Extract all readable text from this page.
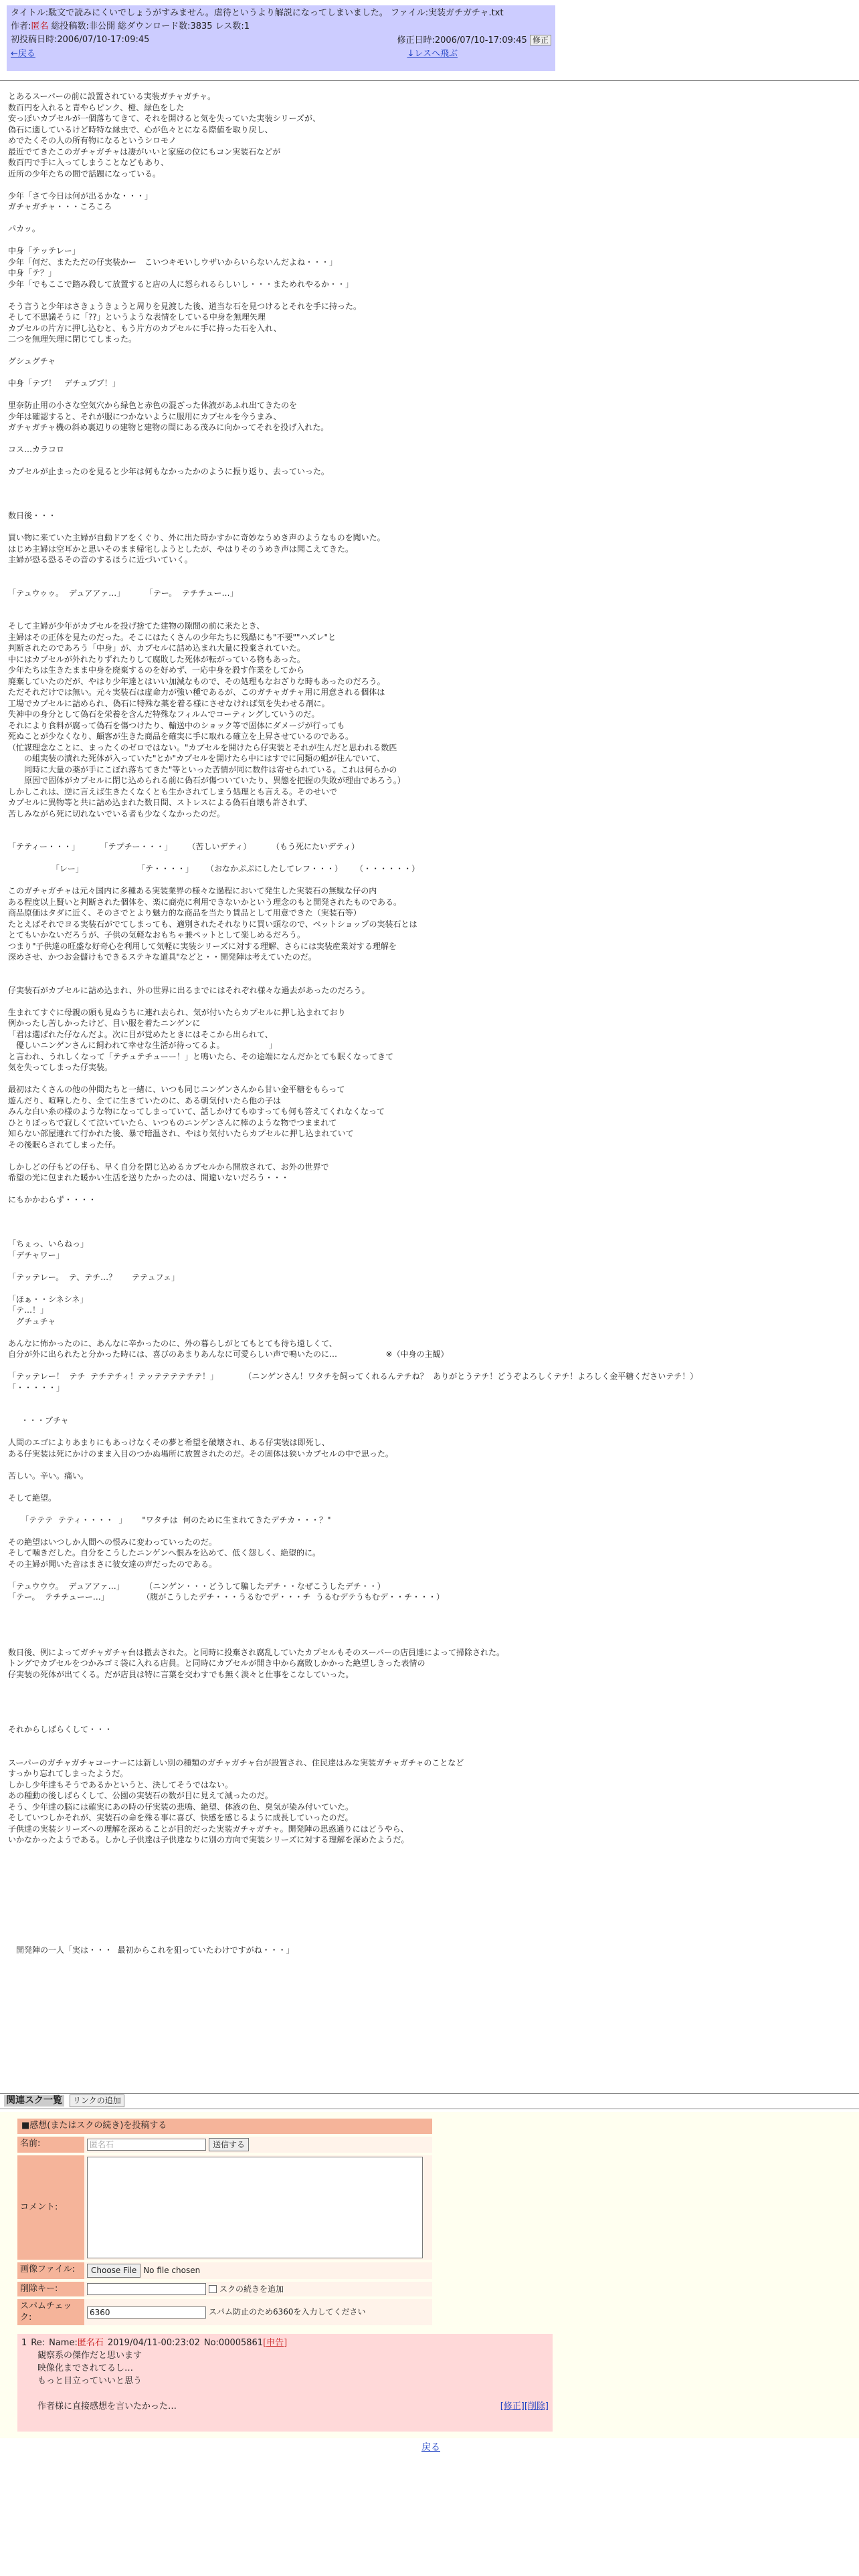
タイトル:駄文で読みにくいでしょうがすみません。虐待というより解説になってしまいました。 ファイル:実装ガチガチャ.txt
作者:匿名 総投稿数:非公開 総ダウンロード数:3835 レス数:1
初投稿日時:2006/07/10-17:09:45	修正日時:2006/07/10-17:09:45 修正
←戻る	↓レスへ飛ぶ

とあるスーパーの前に設置されている実装ガチャガチャ。

数百円を入れると青やらピンク、橙、緑色をした

安っぽいカプセルが一個落ちてきて、それを開けると気を失っていた実装シリーズが、

偽石に適しているけど時特な縁虫で、心が色々とになる際値を取り戻し、

めでたくその人の所有物になるというシロモノ

最近でてきたこのガチャガチャは凄がいいと家庭の位にもコン実装石などが

数百円で手に入ってしまうことなどもあり、

近所の少年たちの間で話題になっている。

少年「さて今日は何が出るかな・・・」

ガチャガチャ・・・ころころ

パカッ。

中身「テッテレー」

少年「何だ、またただの仔実装かー　こいつキモいしウザいからいらないんだよね・・・」

中身「テ？」

少年「でもここで踏み殺して放置すると店の人に怒られるらしいし・・・まためれやるか・・」

そう言うと少年はさきょうきょうと周りを見渡した後、道当な石を見つけるとそれを手に持った。

そして不思議そうに「??」というような表情をしている中身を無理矢理

カプセルの片方に押し込むと、もう片方のカプセルに手に持った石を入れ、

二つを無理矢理に閉じてしまった。

グシュグチャ

中身「テブ！　デチュブブ！」

里奈防止用の小さな空気穴から緑色と赤色の混ざった体液があふれ出てきたのを

少年は確認すると、それが服につかないように服用にカプセルを今うまみ、

ガチャガチャ機の斜め裏辺りの建物と建物の間にある茂みに向かってそれを投げ入れた。

コス…カラコロ

カプセルが止まったのを見ると少年は何もなかったかのように振り返り、去っていった。

数日後・・・

買い物に来ていた主婦が自動ドアをくぐり、外に出た時かすかに奇妙なうめき声のようなものを聞いた。

はじめ主婦は空耳かと思いそのまま帰宅しようとしたが、やはりそのうめき声は聞こえてきた。

主婦が恐る恐るその音のするほうに近づいていく。

「テュウゥゥ。  デュアアァ…」        「テー。  テチチュー…」

そして主婦が少年がカプセルを投げ捨てた建物の隙間の前に来たとき、

主婦はその正体を見たのだった。そこにはたくさんの少年たちに残酷にも"不要""ハズレ"と

判断されたのであろう「中身」が、カプセルに詰め込まれ大量に投棄されていた。

中にはカプセルが外れたりずれたりして腐敗した死体が転がっている物もあった。

少年たちは生きたまま中身を廃棄するのを好めず、一応中身を殺す作業をしてから

廃棄していたのだが、やはり少年達とはいい加減なもので、その処理もなおざりな時もあったのだろう。

ただそれだけでは無い。元々実装石は虚命力が強い種であるが、このガチャガチャ用に用意される個体は

工場でカプセルに詰められ、偽石に特殊な薬を着る様にさせなければ気を失わせる剤に。

失神中の身分として偽石を栄養を含んだ特殊なフィルムでコーティングしていうのだ。

それにより食料が腐って偽石を傷つけたり、輸送中のショック等で固体にダメージが行っても

死ぬことが少なくなり、顧客が生きた商品を確実に手に取れる確立を上昇させているのである。

（忙謀理念なことに、まったくのゼロではない。"カプセルを開けたら仔実装とそれが生んだと思われる数匹

　　の蛆実装の漬れた死体が入っていた"とか"カプセルを開けたら中にはすでに同類の蛆が住んでいて、

　　同時に大量の薬が手にこぼれ落ちてきた"等といった苦情が同に数件は寄せられている。これは何らかの

　　原因で固体がカプセルに閉じ込められる前に偽石が傷ついていたり、異態を把握の失敗が理由であろう。）

しかしこれは、逆に言えば生きたくなくとも生かされてしまう処理とも言える。そのせいで

カプセルに異物等と共に詰め込まれた数日間、ストレスによる偽石自壊も許されず、

苦しみながら死に切れないでいる者も少なくなかったのだ。

「テティー・・・」        「テプチー・・・」      （苦しいデティ）        （もう死にたいデティ）

「レー」                     「テ・・・・」     （おなかぷぷにしたしてレフ・・・）     （・・・・・・）

このガチャガチャは元々国内に多種ある実装業界の様々な過程において発生した実装石の無駄な仔の内

ある程度以上賢いと判断された個体を、楽に商売に利用できないかという理念のもと開発されたものである。

商品原価はタダに近く、そのさでとより魅力的な商品を当たり賃品として用意できた（実装石等）

たとえばそれでヨる実装石がでてしまっても、適別されたそれなりに買い頭なので、ペットショップの実装石とは

とてもいかないだろうが、子供の気軽なおもちゃ兼ペットとして楽しめるだろう。

つまり"子供達の旺盛な好奇心を利用して気軽に実装シリーズに対する理解、さらには実装産業対する理解を

深めさせ、かつお金儲けもできるステキな道具"などと・・開発陣は考えていたのだ。

仔実装石がカプセルに詰め込まれ、外の世界に出るまでにはそれぞれ様々な過去があったのだろう。

生まれてすぐに母親の頭も見ぬうちに連れ去られ、気が付いたらカプセルに押し込まれており

例かったし苦しかったけど、目い服を着たニンゲンに

「君は選ばれた仔なんだよ。次に目が覚めたときにはそこから出られて、

　優しいニンゲンさんに飼われて幸せな生活が待ってるよ。　　　　　　」

と言われ、うれしくなって「テチュテチューー！」と鳴いたら、その途端になんだかとても眠くなってきて

気を失ってしまった仔実装。

最初はたくさんの他の仲間たちと一緒に、いつも同じニンゲンさんから甘い金平糖をもらって

遊んだり、喧嘩したり、全てに生きていたのに、ある朝気付いたら他の子は

みんな白い糸の様のような物になってしまっていて、話しかけてもゆすっても何も答えてくれなくなって

ひとりぼっちで寂しくて泣いていたら、いつものニンゲンさんに棒のような物でつままれて

知らない部屋連れて行かれた後、暴で暗温され、やはり気付いたらカプセルに押し込まれていて

その後眠らされてしまった仔。

しかしどの仔もどの仔も、早く自分を閉じ込めるカプセルから開放されて、お外の世界で

希望の光に包まれた暖かい生活を送りたかったのは、間違いないだろう・・・

にもかかわらず・・・・

「ちぇっ、いらねっ」

「デチャワー」

「テッテレー。  テ、テチ…？      テテュフェ」

「ほぁ・・シネシネ」

「テ…！」

　グチュチャ

あんなに怖かったのに、あんなに辛かったのに、外の暮らしがとてもとても待ち遠しくて、

自分が外に出られたと分かった時には、喜びのあまりあんなに可愛らしい声で鳴いたのに…                   ※（中身の主観）

「テッテレー！  テチ  テチテチィ！テッテテテテチテ！」          （ニンゲンさん！ワタチを飼ってくれるんテチね？  ありがとうテチ！どうぞよろしくテチ！よろしく金平糖くださいテチ！）

「・・・・・」

・・・ブチャ

人間のエゴによりあまりにもあっけなくその夢と希望を破壊され、ある仔実装は即死し、

ある仔実装は死にかけのまま入目のつかぬ場所に放置されたのだ。その固体は狭いカプセルの中で思った。

苦しい。辛い。痛い。

そして絶望。

「テテテ  テティ・・・・  」      "ワタチは  何のために生まれてきたデチカ・・・？"

その絶望はいつしか人間への恨みに変わっていったのだ。

そして噛きだした。自分をこうしたニンゲンへ恨みを込めて、低く怨しく、絶望的に。

その主婦が聞いた音はまさに彼女達の声だったのである。

「テュウウウ。  デュアアァ…」        （ニンゲン・・・どうして騙したデチ・・なぜこうしたデチ・・）

「テー。  テチチューー…」             （腹がこうしたデチ・・・うるむでデ・・・チ  うるむデテうもむデ・・チ・・・）

数日後、例によってガチャガチャ台は撤去された。と同時に投棄され腐乱していたカプセルもそのスーパーの店員達によって掃除された。

トングでカプセルをつかみゴミ袋に入れる店員。と同時にカプセルが開き中から腐敗しかかった絶望しきった表情の

仔実装の死体が出てくる。だが店員は特に言葉を交わすでも無く淡々と仕事をこなしていった。

それからしばらくして・・・

スーパーのガチャガチャコーナーには新しい別の種類のガチャガチャ台が設置され、住民達はみな実装ガチャガチャのことなど

すっかり忘れてしまったようだ。

しかし少年達もそうであるかというと、決してそうではない。

あの種動の後しばらくして、公園の実装石の数が目に見えて減ったのだ。

そう、少年達の脳には確実にあの時の仔実装の悲鳴、絶望、体液の色、臭気が染み付いていた。

そしていつしかそれが、実装石の命を殊る事に喜び、快感を感じるように成長していったのだ。

子供達の実装シリーズへの理解を深めることが目的だった実装ガチャガチャ。開発陣の思惑通りにはどうやら、

いかなかったようである。しかし子供達は子供達なりに別の方向で実装シリーズに対する理解を深めたようだ。

　開発陣の一人「実は・・・  最初からこれを狙っていたわけですがね・・・」

関連スク一覧	リンクの追加
■感想(またはスクの続き)を投稿する
名前:	匿名石	送信する
コメント:
画像ファイル:	Choose File No file chosen
削除キー:	スクの続きを追加
スパムチェック:	6360	スパム防止のため6360を入力してください
1 Re: Name: 匿名石 2019/04/11-00:23:02 No:00005861 [申告]
観察系の傑作だと思います
映像化までされてるし…
もっと目立っていいと思う
作者様に直接感想を言いたかった…	[修正][削除]
戻る
